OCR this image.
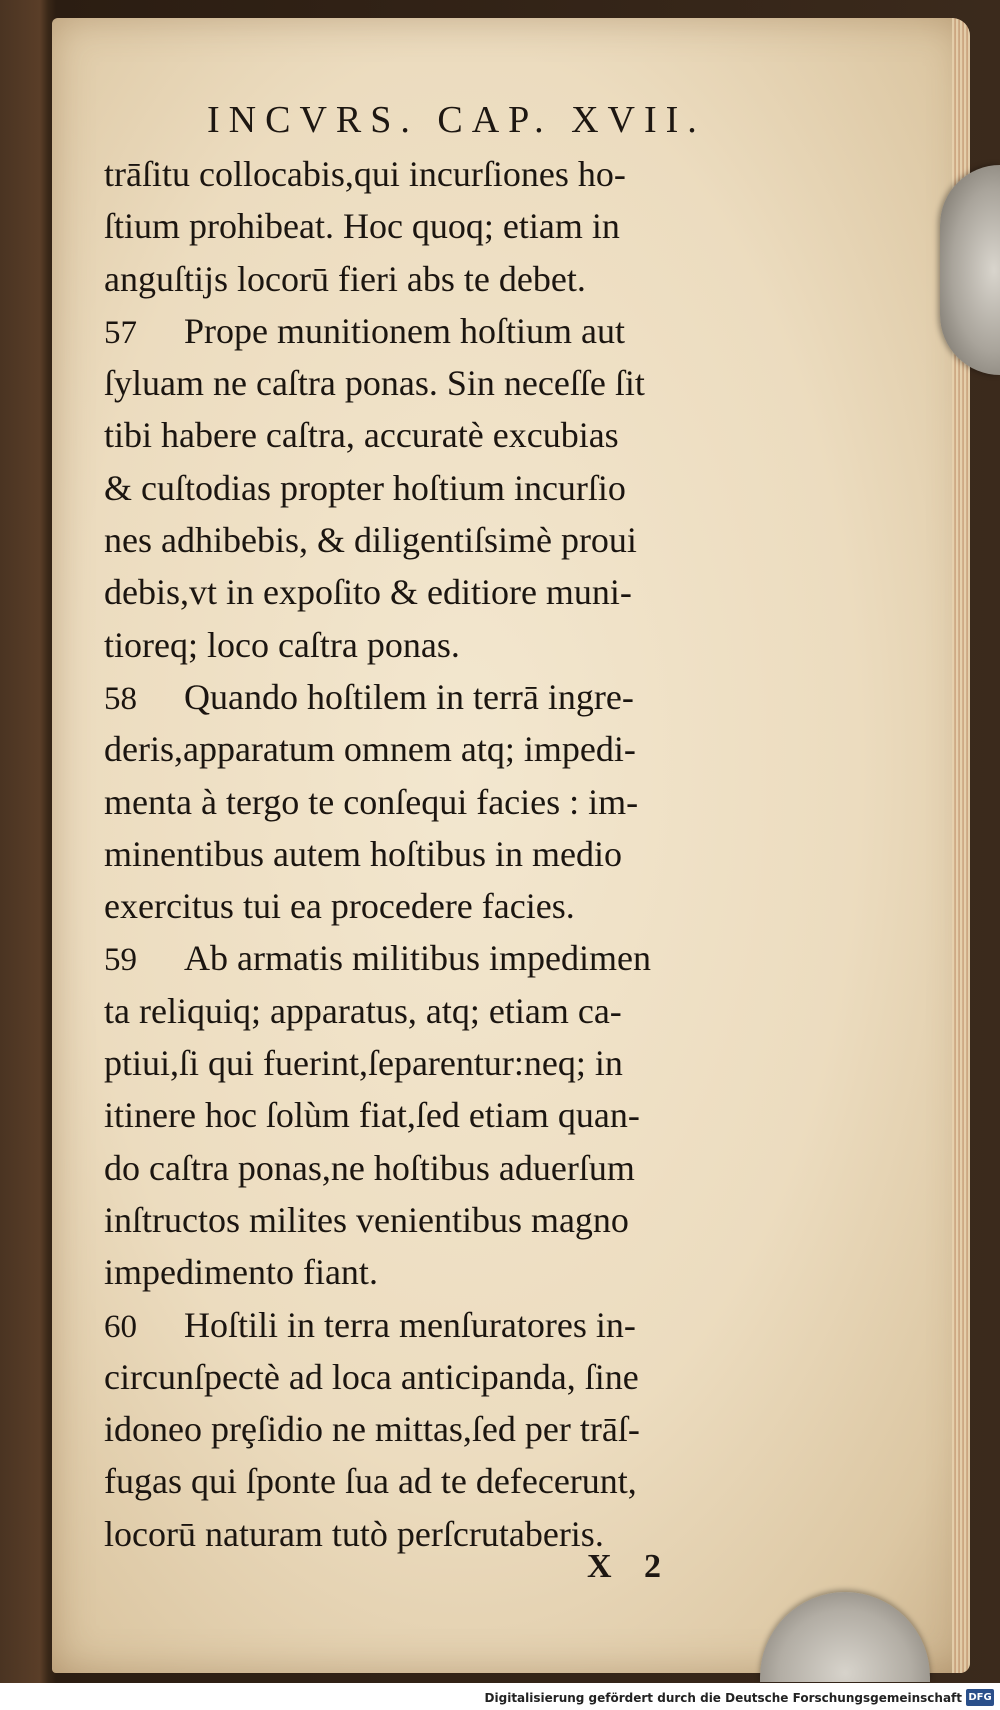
INCVRS. CAP. XVII.
trāſitu collocabis,qui incurſiones ho-
ſtium prohibeat. Hoc quoq; etiam in
anguſtijs locorū fieri abs te debet.
57 Prope munitionem hoſtium aut
ſyluam ne caſtra ponas. Sin neceſſe ſit
tibi habere caſtra, accuratè excubias
& cuſtodias propter hoſtium incurſio
nes adhibebis, & diligentiſsimè proui
debis,vt in expoſito & editiore muni-
tioreq; loco caſtra ponas.
58 Quando hoſtilem in terrā ingre-
deris,apparatum omnem atq; impedi-
menta à tergo te conſequi facies : im-
minentibus autem hoſtibus in medio
exercitus tui ea procedere facies.
59 Ab armatis militibus impedimen
ta reliquiq; apparatus, atq; etiam ca-
ptiui,ſi qui fuerint,ſeparentur:neq; in
itinere hoc ſolùm fiat,ſed etiam quan-
do caſtra ponas,ne hoſtibus aduerſum
inſtructos milites venientibus magno
impedimento fiant.
60 Hoſtili in terra menſuratores in-
circunſpectè ad loca anticipanda, ſine
idoneo prȩſidio ne mittas,ſed per trāſ-
fugas qui ſponte ſua ad te defecerunt,
locorū naturam tutò perſcrutaberis.
X 2
Digitalisierung gefördert durch die Deutsche Forschungsgemeinschaft DFG
